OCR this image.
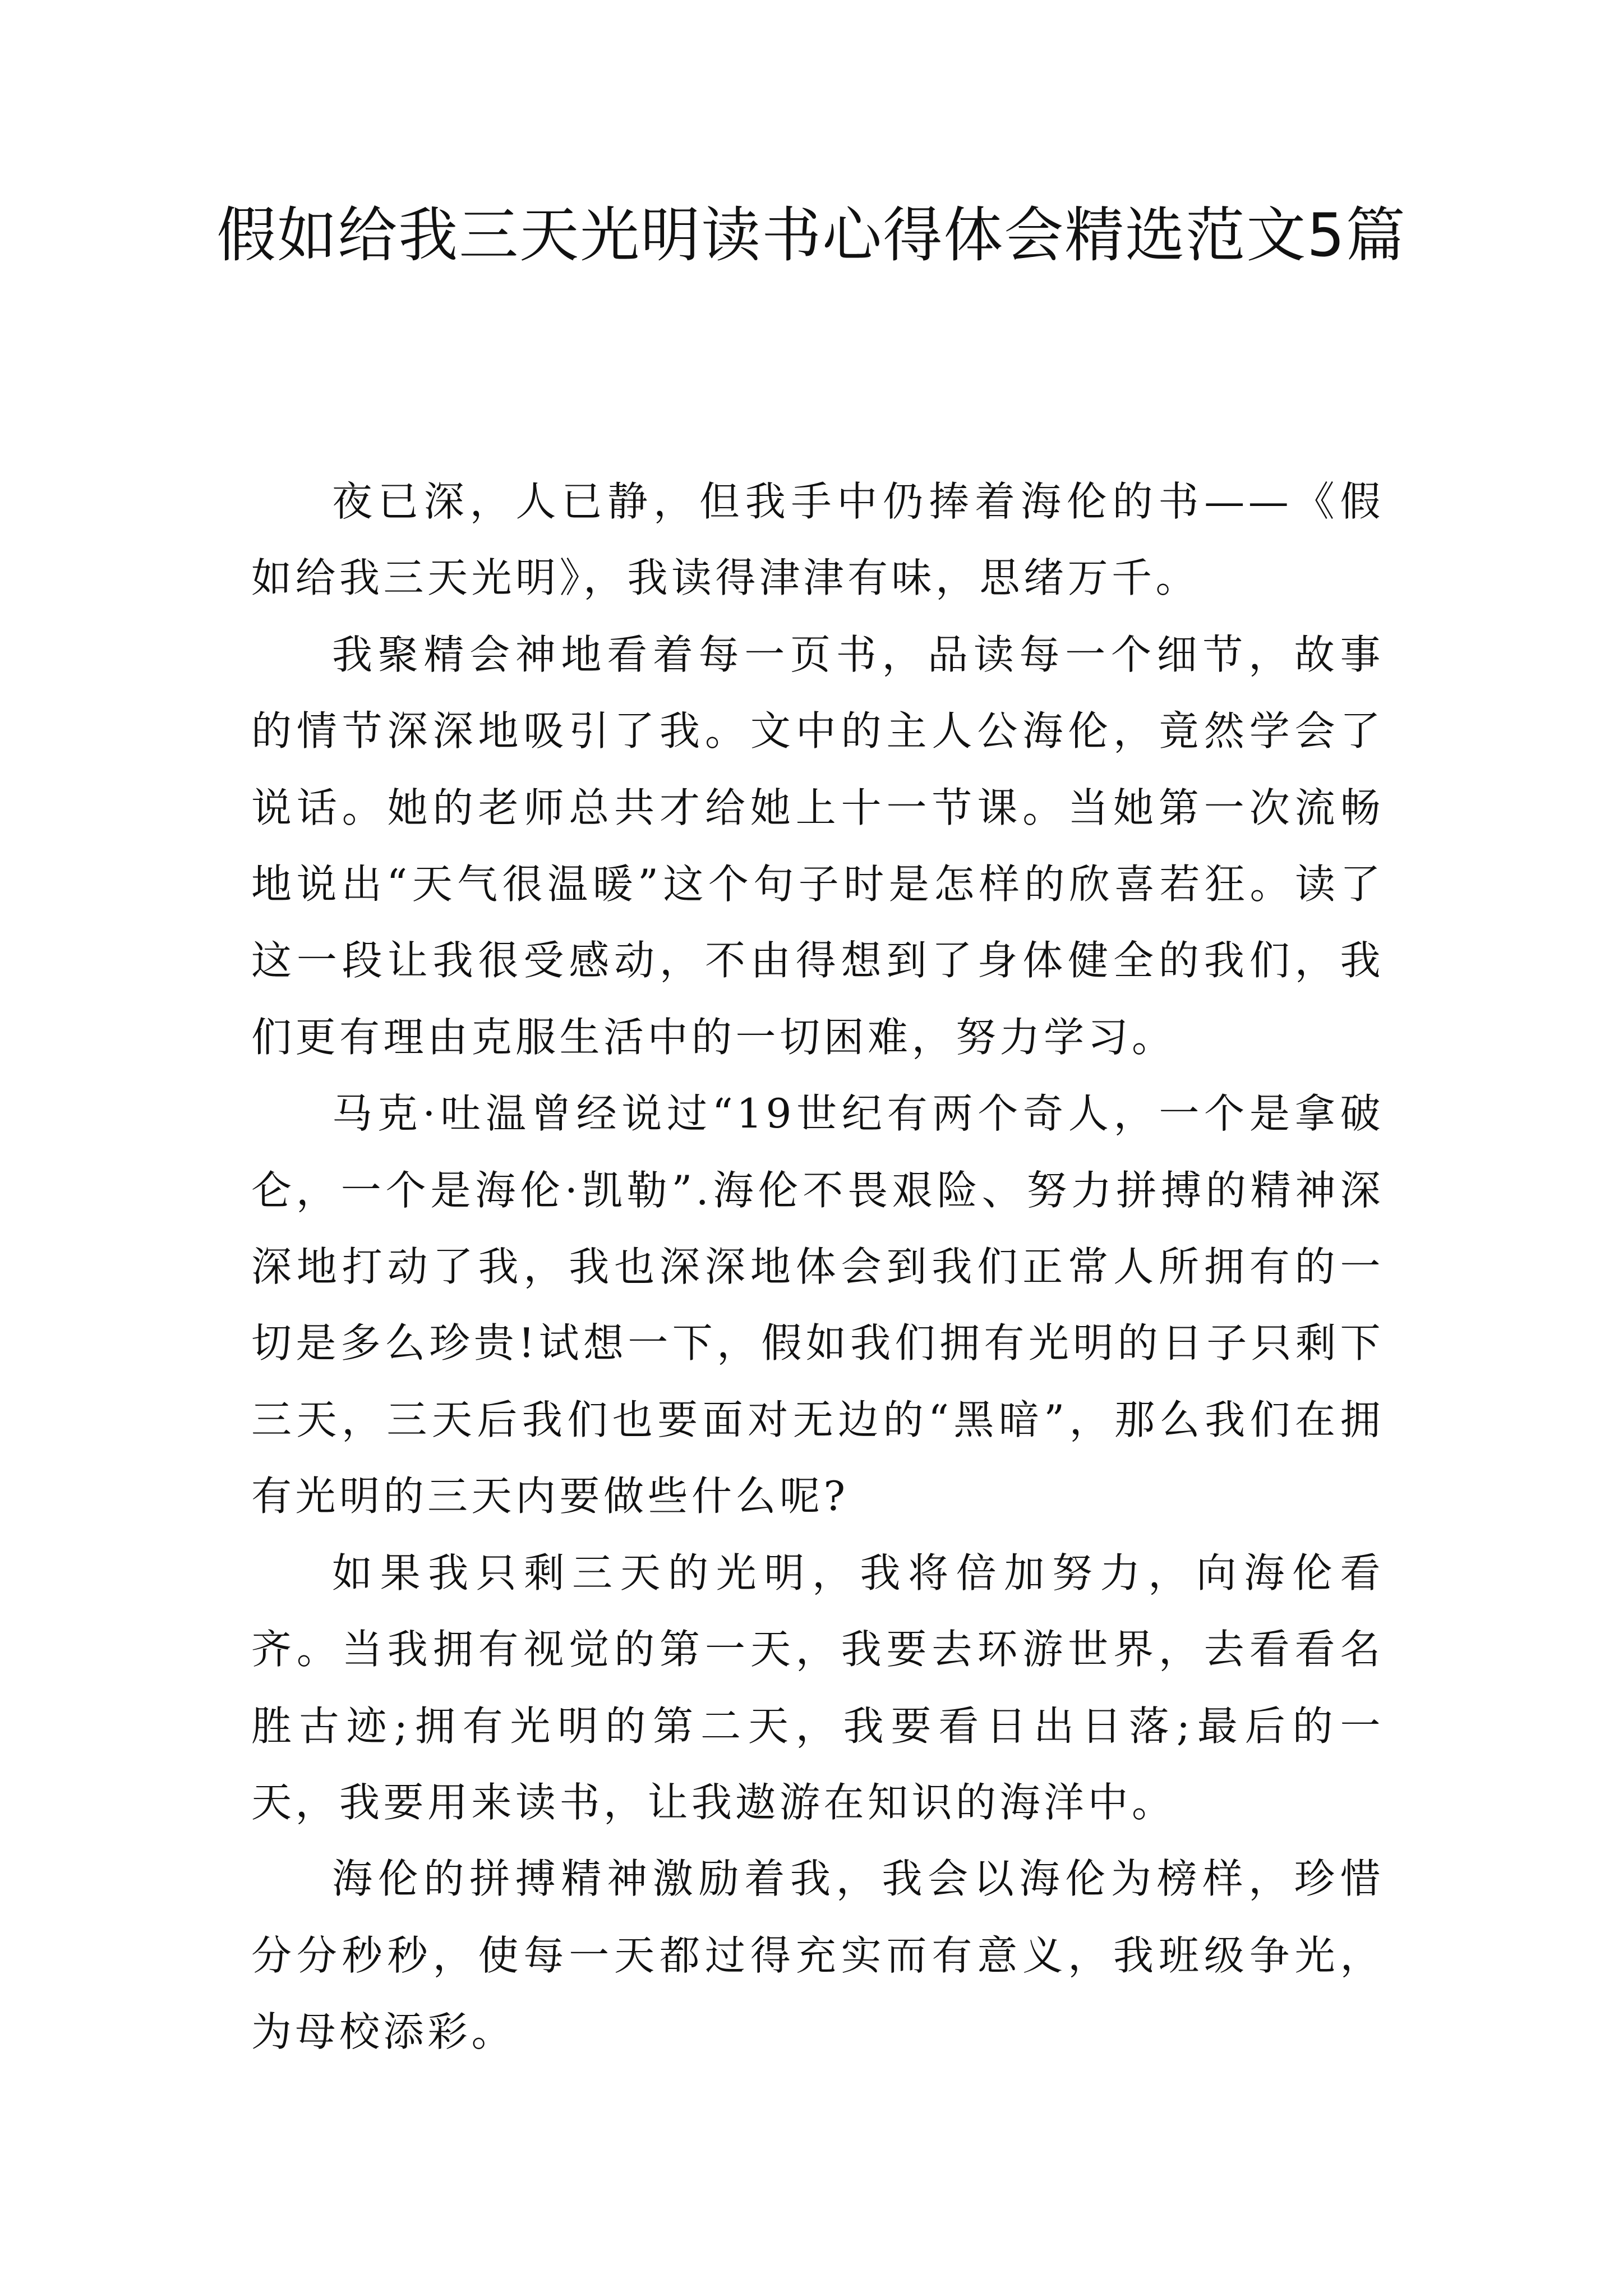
假如给我三天光明读书心得体会精选范文5篇

夜已深，人已静，但我手中仍捧着海伦的书——《假如给我三天光明》，我读得津津有味，思绪万千。

我聚精会神地看着每一页书，品读每一个细节，故事的情节深深地吸引了我。文中的主人公海伦，竟然学会了说话。她的老师总共才给她上十一节课。当她第一次流畅地说出“天气很温暖”这个句子时是怎样的欣喜若狂。读了这一段让我很受感动，不由得想到了身体健全的我们，我们更有理由克服生活中的一切困难，努力学习。

马克·吐温曾经说过“19世纪有两个奇人，一个是拿破仑，一个是海伦·凯勒”.海伦不畏艰险、努力拼搏的精神深深地打动了我，我也深深地体会到我们正常人所拥有的一切是多么珍贵!试想一下，假如我们拥有光明的日子只剩下三天，三天后我们也要面对无边的“黑暗”，那么我们在拥有光明的三天内要做些什么呢?

如果我只剩三天的光明，我将倍加努力，向海伦看齐。当我拥有视觉的第一天，我要去环游世界，去看看名胜古迹;拥有光明的第二天，我要看日出日落;最后的一天，我要用来读书，让我遨游在知识的海洋中。

海伦的拼搏精神激励着我，我会以海伦为榜样，珍惜分分秒秒，使每一天都过得充实而有意义，我班级争光，为母校添彩。
